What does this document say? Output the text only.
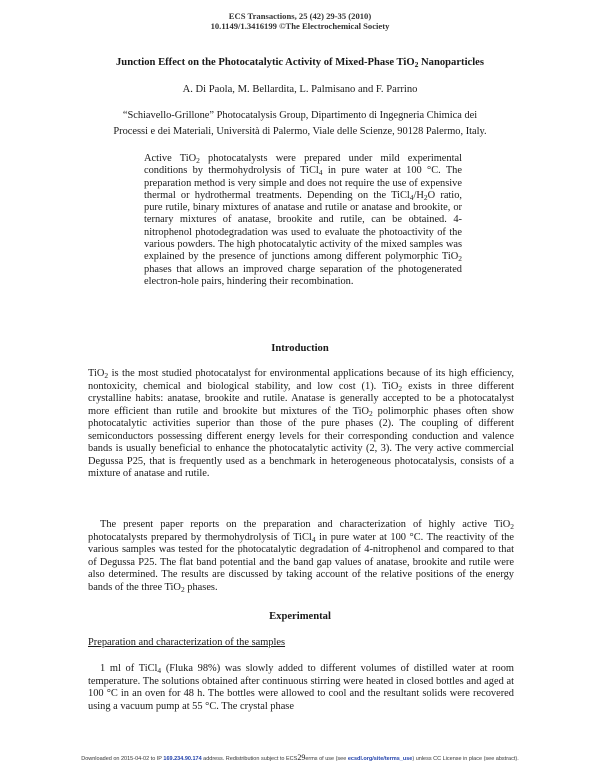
ECS Transactions, 25 (42) 29-35 (2010)
10.1149/1.3416199 ©The Electrochemical Society
Junction Effect on the Photocatalytic Activity of Mixed-Phase TiO$_2$ Nanoparticles
A. Di Paola, M. Bellardita, L. Palmisano and F. Parrino
“Schiavello-Grillone” Photocatalysis Group, Dipartimento di Ingegneria Chimica dei
Processi e dei Materiali, Università di Palermo, Viale delle Scienze, 90128 Palermo, Italy.
Active TiO$_2$ photocatalysts were prepared under mild experimental conditions by thermohydrolysis of TiCl$_4$ in pure water at 100 °C. The preparation method is very simple and does not require the use of expensive thermal or hydrothermal treatments. Depending on the $TiCl_4/H_2O$ ratio, pure rutile, binary mixtures of anatase and rutile or anatase and brookite, or ternary mixtures of anatase, brookite and rutile, can be obtained. 4-nitrophenol photodegradation was used to evaluate the photoactivity of the various powders. The high photocatalytic activity of the mixed samples was explained by the presence of junctions among different polymorphic TiO$_2$ phases that allows an improved charge separation of the photogenerated electron-hole pairs, hindering their recombination.
Introduction
TiO$_2$ is the most studied photocatalyst for environmental applications because of its high efficiency, nontoxicity, chemical and biological stability, and low cost (1). TiO$_2$ exists in three different crystalline habits: anatase, brookite and rutile. Anatase is generally accepted to be a photocatalyst more efficient than rutile and brookite but mixtures of the TiO$_2$ polimorphic phases often show photocatalytic activities superior than those of the pure phases (2). The coupling of different semiconductors possessing different energy levels for their corresponding conduction and valence bands is usually beneficial to enhance the photocatalytic activity (2, 3). The very active commercial Degussa P25, that is frequently used as a benchmark in heterogeneous photocatalysis, consists of a mixture of anatase and rutile.
The present paper reports on the preparation and characterization of highly active TiO$_2$ photocatalysts prepared by thermohydrolysis of TiCl$_4$ in pure water at 100 °C. The reactivity of the various samples was tested for the photocatalytic degradation of 4-nitrophenol and compared to that of Degussa P25. The flat band potential and the band gap values of anatase, brookite and rutile were also determined. The results are discussed by taking account of the relative positions of the energy bands of the three TiO$_2$ phases.
Experimental
Preparation and characterization of the samples
1 ml of TiCl$_4$ (Fluka 98%) was slowly added to different volumes of distilled water at room temperature. The solutions obtained after continuous stirring were heated in closed bottles and aged at 100 °C in an oven for 48 h. The bottles were allowed to cool and the resultant solids were recovered using a vacuum pump at 55 °C. The crystal phase
Downloaded on 2015-04-02 to IP 169.234.90.174 address. Redistribution subject to ECS29erms of use (see ecsdl.org/site/terms_use) unless CC License in place (see abstract).
